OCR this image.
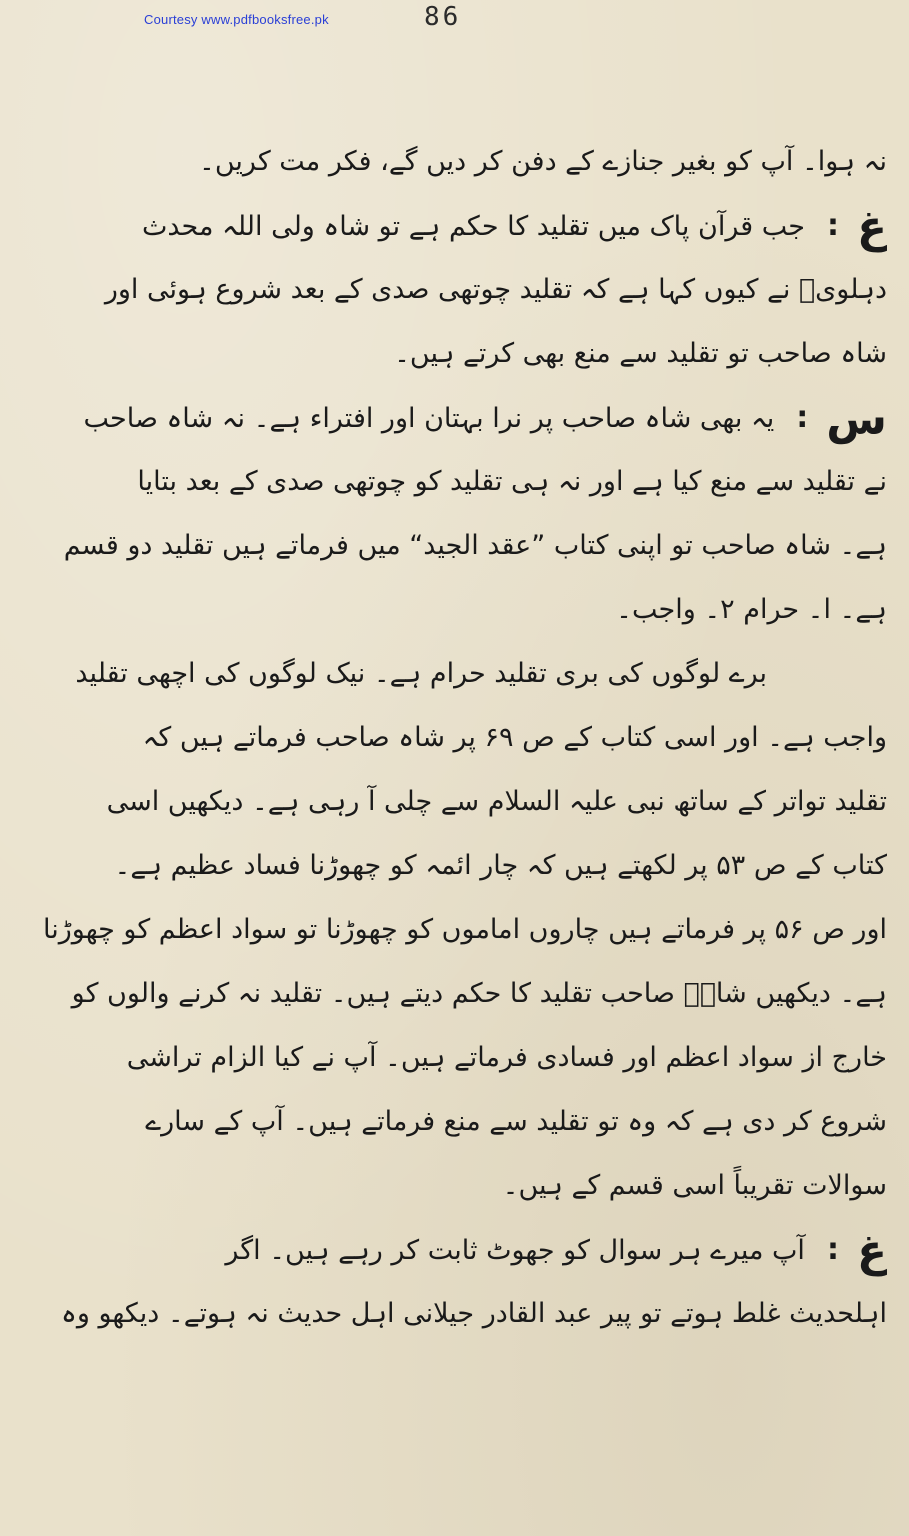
Courtesy www.pdfbooksfree.pk	86
نہ ہوا۔ آپ کو بغیر جنازے کے دفن کر دیں گے، فکر مت کریں۔
غ:جب قرآن پاک میں تقلید کا حکم ہے تو شاہ ولی اللہ محدث
دہلویؒ نے کیوں کہا ہے کہ تقلید چوتھی صدی کے بعد شروع ہوئی اور
شاہ صاحب تو تقلید سے منع بھی کرتے ہیں۔
س:یہ بھی شاہ صاحب پر نرا بہتان اور افتراء ہے۔ نہ شاہ صاحب
نے تقلید سے منع کیا ہے اور نہ ہی تقلید کو چوتھی صدی کے بعد بتایا
ہے۔ شاہ صاحب تو اپنی کتاب ”عقد الجید“ میں فرماتے ہیں تقلید دو قسم
ہے۔ ا۔ حرام ۲۔ واجب۔
برے لوگوں کی بری تقلید حرام ہے۔ نیک لوگوں کی اچھی تقلید
واجب ہے۔ اور اسی کتاب کے ص ۶۹ پر شاہ صاحب فرماتے ہیں کہ
تقلید تواتر کے ساتھ نبی علیہ السلام سے چلی آ رہی ہے۔ دیکھیں اسی
کتاب کے ص ۵۳ پر لکھتے ہیں کہ چار ائمہ کو چھوڑنا فساد عظیم ہے۔
اور ص ۵۶ پر فرماتے ہیں چاروں اماموں کو چھوڑنا تو سواد اعظم کو چھوڑنا
ہے۔ دیکھیں شاہؒ صاحب تقلید کا حکم دیتے ہیں۔ تقلید نہ کرنے والوں کو
خارج از سواد اعظم اور فسادی فرماتے ہیں۔ آپ نے کیا الزام تراشی
شروع کر دی ہے کہ وہ تو تقلید سے منع فرماتے ہیں۔ آپ کے سارے
سوالات تقریباً اسی قسم کے ہیں۔
غ:آپ میرے ہر سوال کو جھوٹ ثابت کر رہے ہیں۔ اگر
اہلحدیث غلط ہوتے تو پیر عبد القادر جیلانی اہل حدیث نہ ہوتے۔ دیکھو وہ
